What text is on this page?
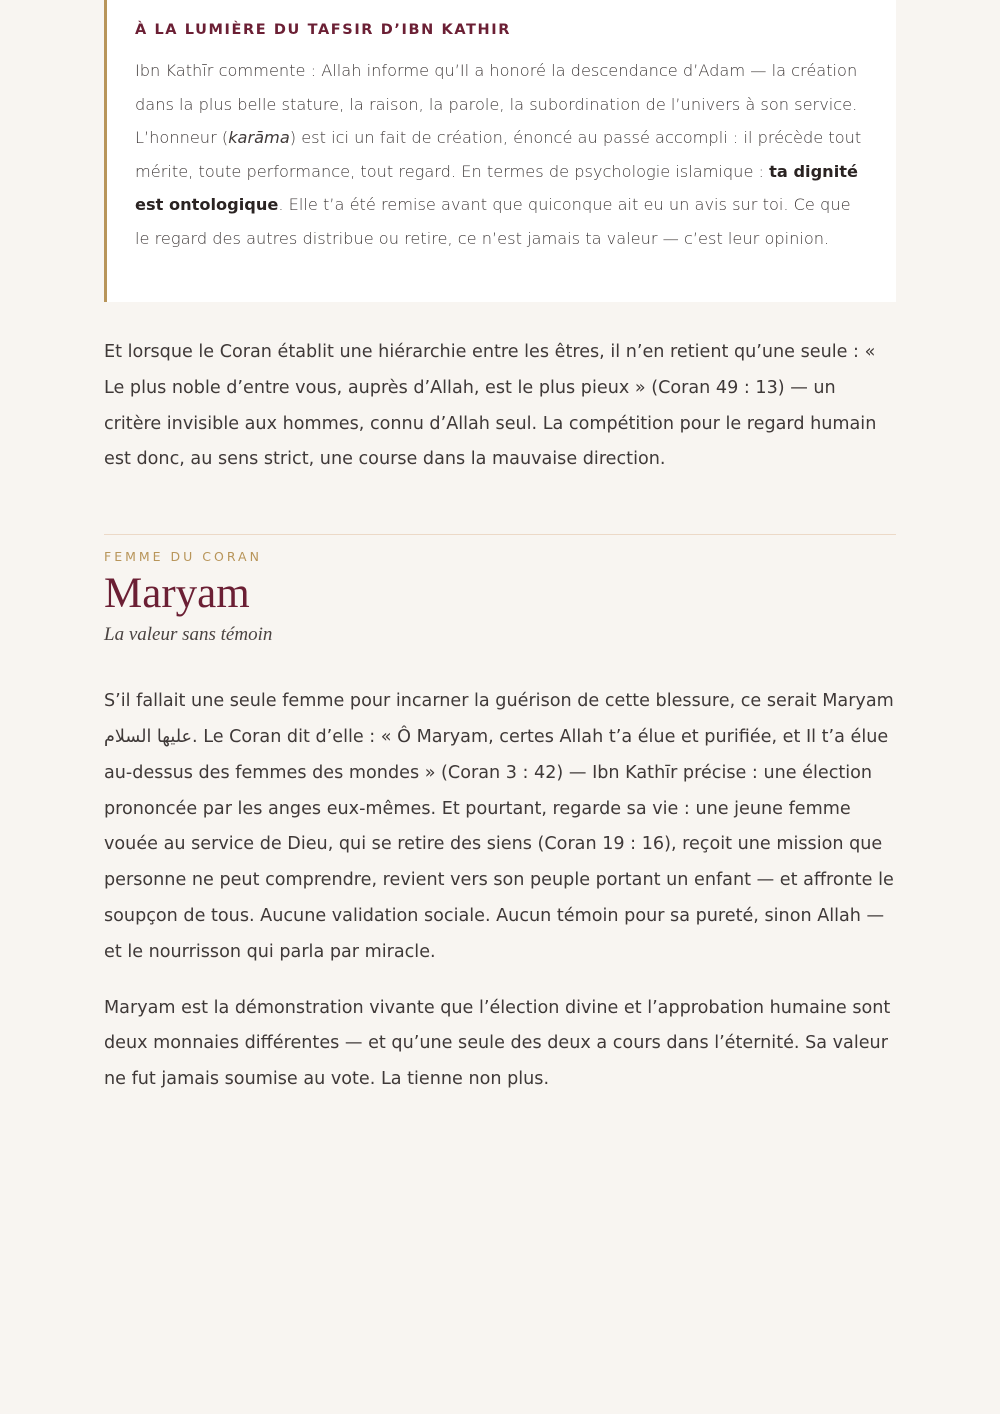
À LA LUMIÈRE DU TAFSIR D’IBN KATHIR

Ibn Kathīr commente : Allah informe qu’Il a honoré la descendance d’Adam — la création dans la plus belle stature, la raison, la parole, la subordination de l’univers à son service. L’honneur (karāma) est ici un fait de création, énoncé au passé accompli : il précède tout mérite, toute performance, tout regard. En termes de psychologie islamique : ta dignité est ontologique. Elle t’a été remise avant que quiconque ait eu un avis sur toi. Ce que le regard des autres distribue ou retire, ce n’est jamais ta valeur — c’est leur opinion.

Et lorsque le Coran établit une hiérarchie entre les êtres, il n’en retient qu’une seule : « Le plus noble d’entre vous, auprès d’Allah, est le plus pieux » (Coran 49 : 13) — un critère invisible aux hommes, connu d’Allah seul. La compétition pour le regard humain est donc, au sens strict, une course dans la mauvaise direction.

FEMME DU CORAN
Maryam
La valeur sans témoin

S’il fallait une seule femme pour incarner la guérison de cette blessure, ce serait Maryam عليها السلام. Le Coran dit d’elle : « Ô Maryam, certes Allah t’a élue et purifiée, et Il t’a élue au-dessus des femmes des mondes » (Coran 3 : 42) — Ibn Kathīr précise : une élection prononcée par les anges eux-mêmes. Et pourtant, regarde sa vie : une jeune femme vouée au service de Dieu, qui se retire des siens (Coran 19 : 16), reçoit une mission que personne ne peut comprendre, revient vers son peuple portant un enfant — et affronte le soupçon de tous. Aucune validation sociale. Aucun témoin pour sa pureté, sinon Allah — et le nourrisson qui parla par miracle.

Maryam est la démonstration vivante que l’élection divine et l’approbation humaine sont deux monnaies différentes — et qu’une seule des deux a cours dans l’éternité. Sa valeur ne fut jamais soumise au vote. La tienne non plus.
